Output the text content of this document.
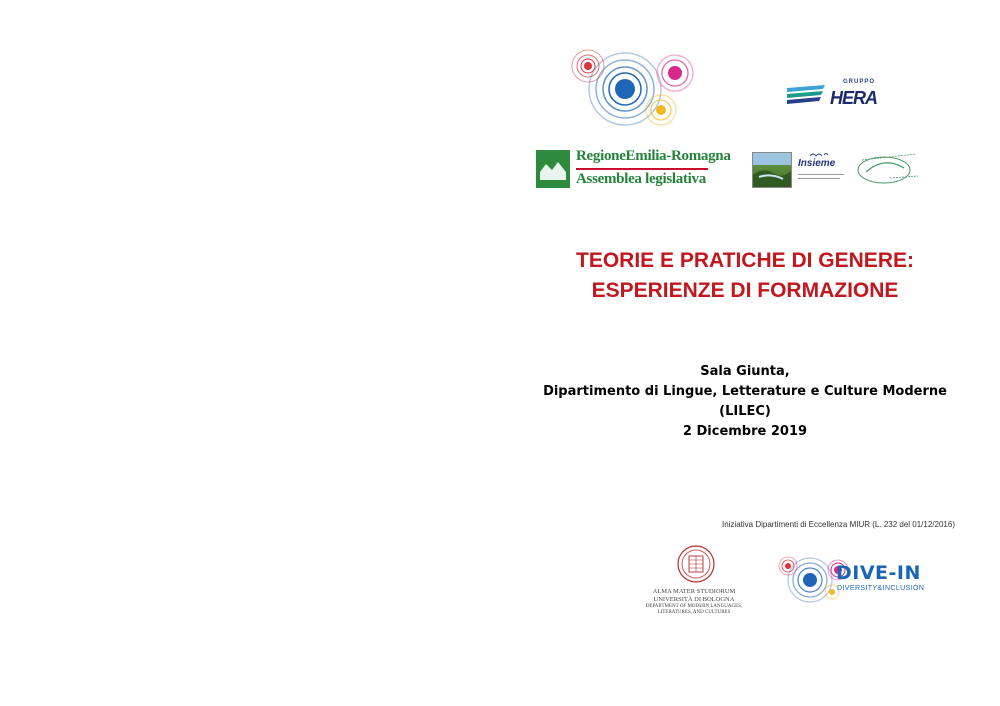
GRUPPO
HERA
RegioneEmilia-Romagna
Assemblea legislativa
Insieme
TEORIE E PRATICHE DI GENERE:
ESPERIENZE DI FORMAZIONE
Sala Giunta,
Dipartimento di Lingue, Letterature e Culture Moderne
(LILEC)
2 Dicembre 2019
Iniziativa Dipartimenti di Eccellenza MIUR (L. 232 del 01/12/2016)
ALMA MATER STUDIORUM
UNIVERSITÀ DI BOLOGNA
DEPARTMENT OF MODERN LANGUAGES,
LITERATURES, AND CULTURES
DIVE-IN
DIVERSITY&INCLUSION
